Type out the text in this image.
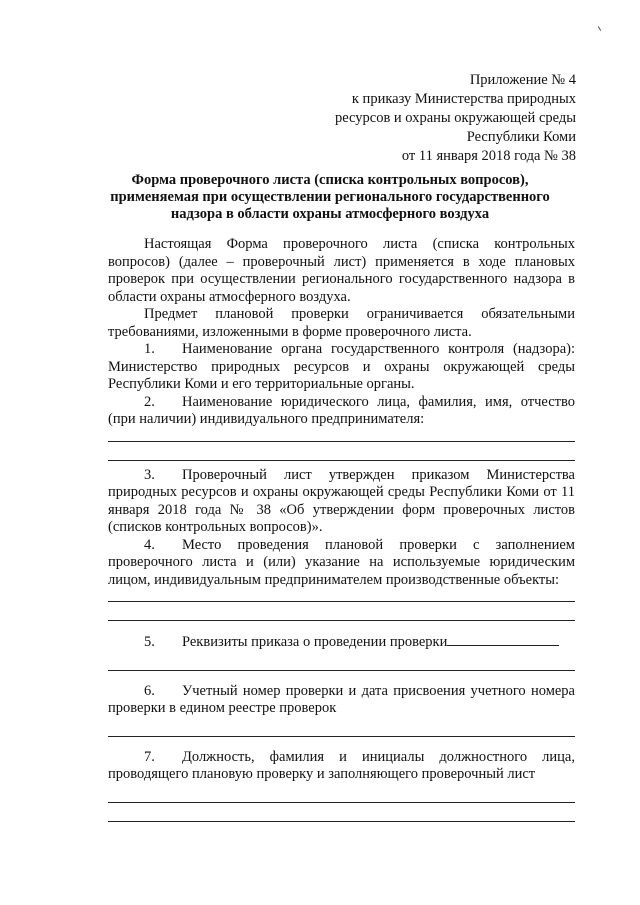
Приложение № 4
к приказу Министерства природных
ресурсов и охраны окружающей среды
Республики Коми
от 11 января 2018 года № 38
Форма проверочного листа (списка контрольных вопросов),
применяемая при осуществлении регионального государственного
надзора в области охраны атмосферного воздуха

Настоящая Форма проверочного листа (списка контрольных вопросов) (далее – проверочный лист) применяется в ходе плановых проверок при осуществлении регионального государственного надзора в области охраны атмосферного воздуха.

Предмет плановой проверки ограничивается обязательными требованиями, изложенными в форме проверочного листа.

1. Наименование органа государственного контроля (надзора): Министерство природных ресурсов и охраны окружающей среды Республики Коми и его территориальные органы.

2. Наименование юридического лица, фамилия, имя, отчество (при наличии) индивидуального предпринимателя:

3. Проверочный лист утвержден приказом Министерства природных ресурсов и охраны окружающей среды Республики Коми от 11 января 2018 года № 38 «Об утверждении форм проверочных листов (списков контрольных вопросов)».

4. Место проведения плановой проверки с заполнением проверочного листа и (или) указание на используемые юридическим лицом, индивидуальным предпринимателем производственные объекты:

5. Реквизиты приказа о проведении проверки

6. Учетный номер проверки и дата присвоения учетного номера проверки в едином реестре проверок

7. Должность, фамилия и инициалы должностного лица, проводящего плановую проверку и заполняющего проверочный лист
